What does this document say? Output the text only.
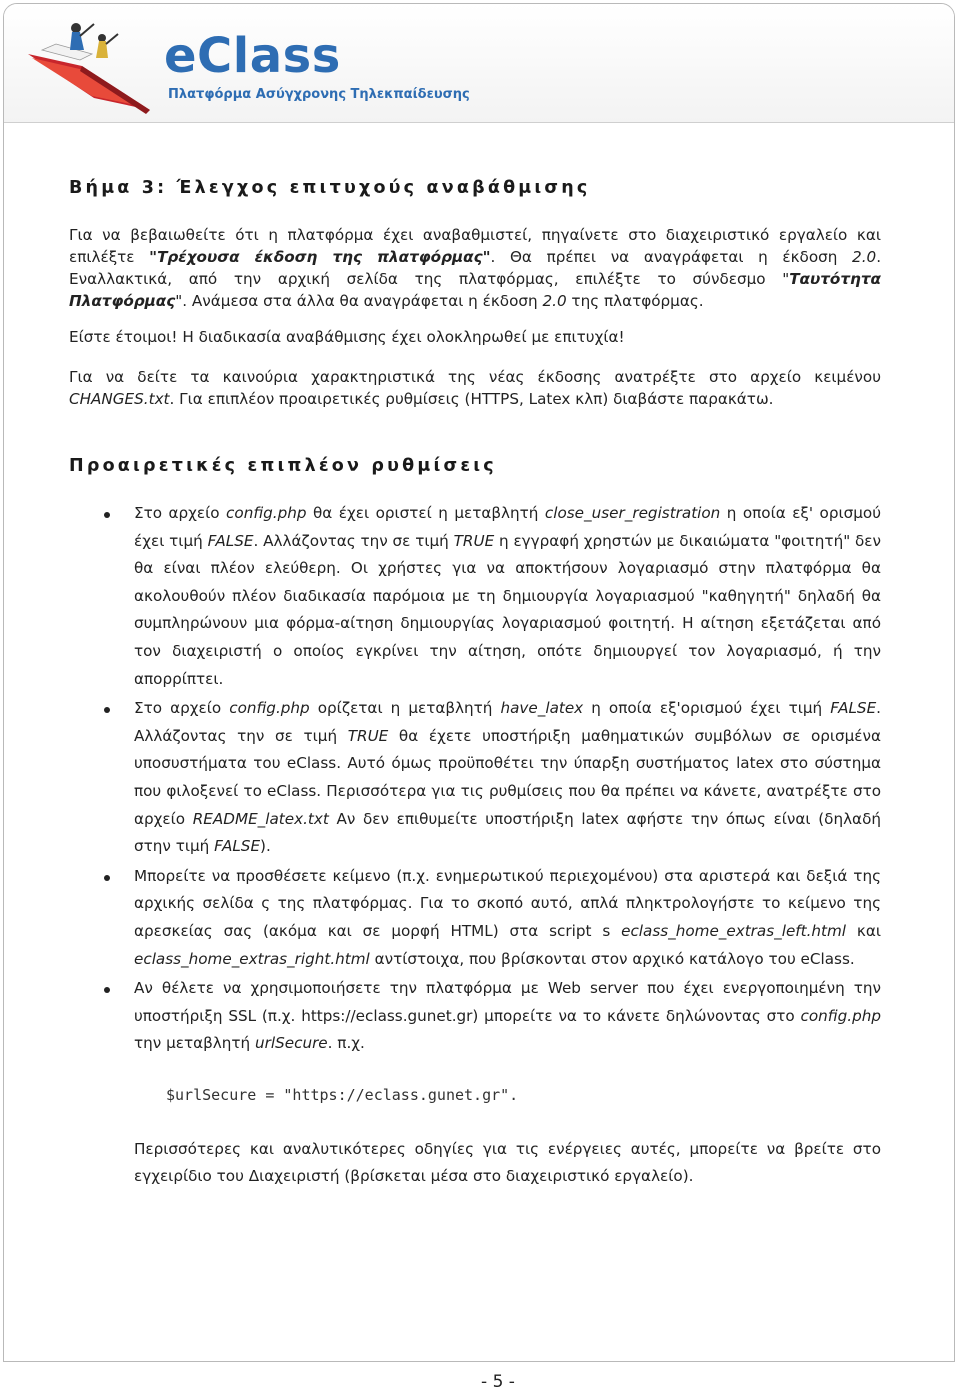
eClass
Πλατφόρμα Ασύγχρονης Τηλεκπαίδευσης
Βήμα 3: Έλεγχος επιτυχούς αναβάθμισης

Για να βεβαιωθείτε ότι η πλατφόρμα έχει αναβαθμιστεί, πηγαίνετε στο διαχειριστικό εργαλείο και επιλέξτε "Τρέχουσα έκδοση της πλατφόρμας". Θα πρέπει να αναγράφεται η έκδοση 2.0. Εναλλακτικά, από την αρχική σελίδα της πλατφόρμας, επιλέξτε το σύνδεσμο "Ταυτότητα Πλατφόρμας". Ανάμεσα στα άλλα θα αναγράφεται η έκδοση 2.0 της πλατφόρμας.

Είστε έτοιμοι! Η διαδικασία αναβάθμισης έχει ολοκληρωθεί με επιτυχία!

Για να δείτε τα καινούρια χαρακτηριστικά της νέας έκδοσης ανατρέξτε στο αρχείο κειμένου CHANGES.txt. Για επιπλέον προαιρετικές ρυθμίσεις (HTTPS, Latex κλπ) διαβάστε παρακάτω.

Προαιρετικές επιπλέον ρυθμίσεις
Στο αρχείο config.php θα έχει οριστεί η μεταβλητή close_user_registration η οποία εξ' ορισμού έχει τιμή FALSE. Αλλάζοντας την σε τιμή TRUE η εγγραφή χρηστών με δικαιώματα "φοιτητή" δεν θα είναι πλέον ελεύθερη. Οι χρήστες για να αποκτήσουν λογαριασμό στην πλατφόρμα θα ακολουθούν πλέον διαδικασία παρόμοια με τη δημιουργία λογαριασμού "καθηγητή" δηλαδή θα συμπληρώνουν μια φόρμα-αίτηση δημιουργίας λογαριασμού φοιτητή. Η αίτηση εξετάζεται από τον διαχειριστή ο οποίος εγκρίνει την αίτηση, οπότε δημιουργεί τον λογαριασμό, ή την απορρίπτει.
Στο αρχείο config.php ορίζεται η μεταβλητή have_latex η οποία εξ'ορισμού έχει τιμή FALSE. Αλλάζοντας την σε τιμή TRUE θα έχετε υποστήριξη μαθηματικών συμβόλων σε ορισμένα υποσυστήματα του eClass. Αυτό όμως προϋποθέτει την ύπαρξη συστήματος latex στο σύστημα που φιλοξενεί το eClass. Περισσότερα για τις ρυθμίσεις που θα πρέπει να κάνετε, ανατρέξτε στο αρχείο README_latex.txt Αν δεν επιθυμείτε υποστήριξη latex αφήστε την όπως είναι (δηλαδή στην τιμή FALSE).
Μπορείτε να προσθέσετε κείμενο (π.χ. ενημερωτικού περιεχομένου) στα αριστερά και δεξιά της αρχικής σελίδα ς της πλατφόρμας. Για το σκοπό αυτό, απλά πληκτρολογήστε το κείμενο της αρεσκείας σας (ακόμα και σε μορφή HTML) στα script s eclass_home_extras_left.html και eclass_home_extras_right.html αντίστοιχα, που βρίσκονται στον αρχικό κατάλογο του eClass.
Αν θέλετε να χρησιμοποιήσετε την πλατφόρμα με Web server που έχει ενεργοποιημένη την υποστήριξη SSL (π.χ. https://eclass.gunet.gr) μπορείτε να το κάνετε δηλώνοντας στο config.php την μεταβλητή urlSecure. π.χ.
$urlSecure = "https://eclass.gunet.gr".

Περισσότερες και αναλυτικότερες οδηγίες για τις ενέργειες αυτές, μπορείτε να βρείτε στο εγχειρίδιο του Διαχειριστή (βρίσκεται μέσα στο διαχειριστικό εργαλείο).

- 5 -
